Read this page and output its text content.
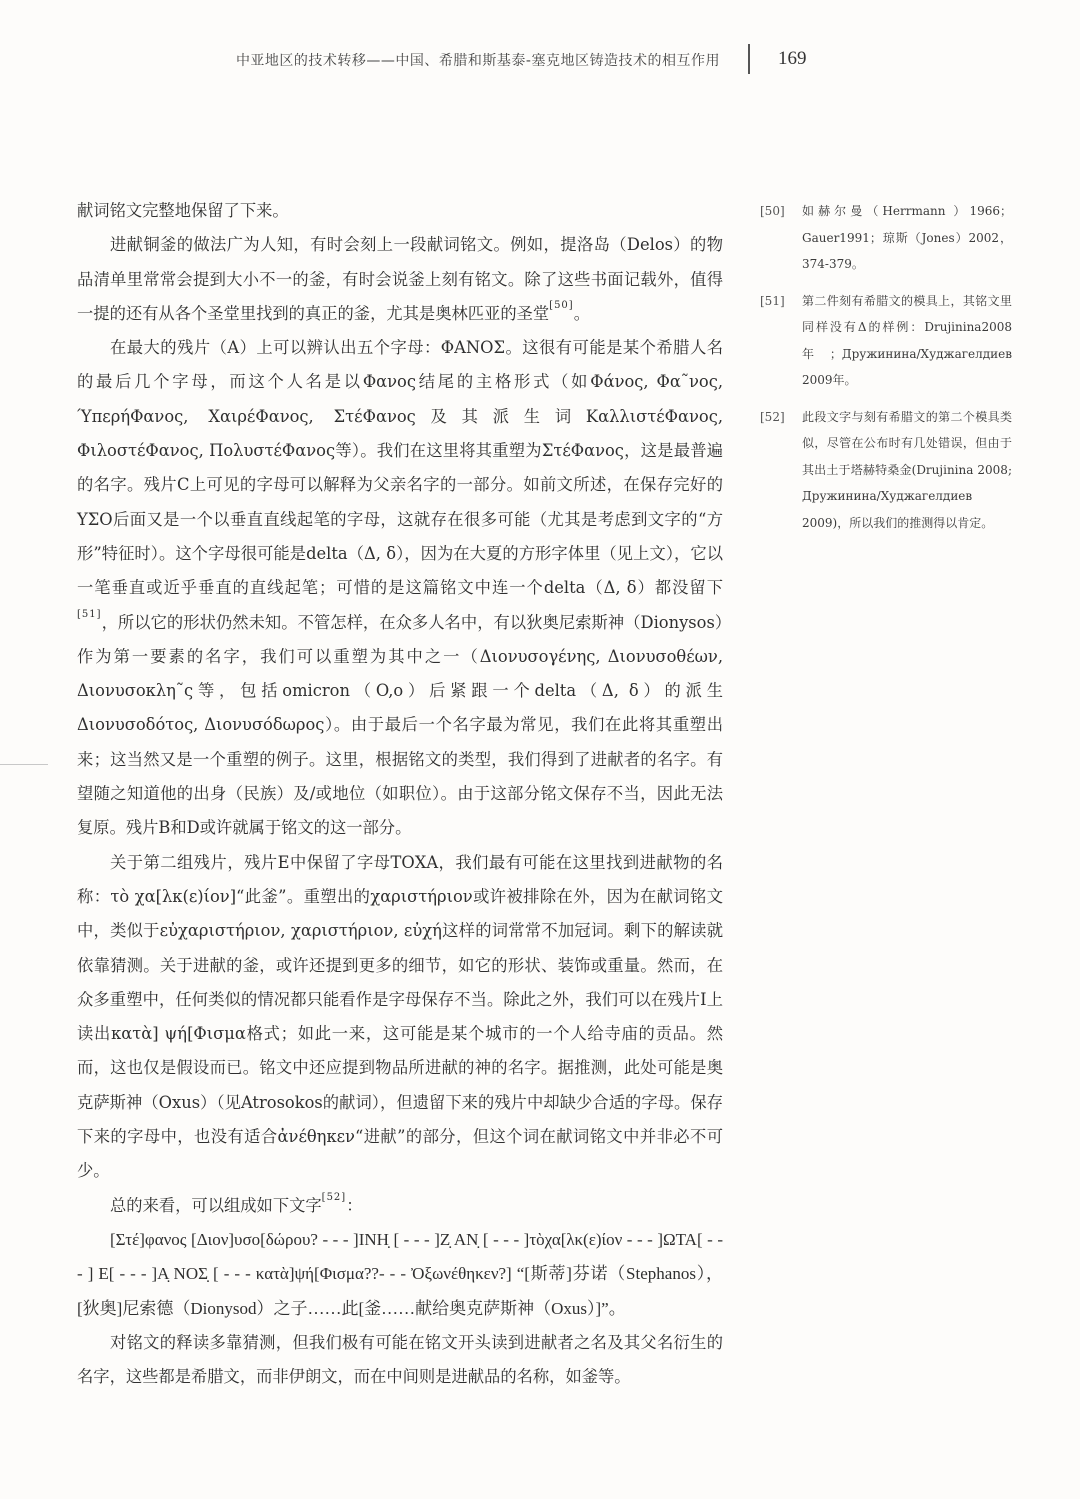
中亚地区的技术转移——中国、希腊和斯基泰-塞克地区铸造技术的相互作用	169

献词铭文完整地保留了下来。

进献铜釜的做法广为人知，有时会刻上一段献词铭文。例如，提洛岛（Delos）的物品清单里常常会提到大小不一的釜，有时会说釜上刻有铭文。除了这些书面记载外，值得一提的还有从各个圣堂里找到的真正的釜，尤其是奥林匹亚的圣堂[50]。

在最大的残片（A）上可以辨认出五个字母：ΦΑΝΟΣ。这很有可能是某个希腊人名的最后几个字母，而这个人名是以Φανος结尾的主格形式（如Φάνος, Φα˜νος, ΎπερήΦανος, ΧαιρέΦανος, ΣτέΦανος及其派生词ΚαλλιστέΦανος, ΦιλοστέΦανος, ΠολυστέΦανος等）。我们在这里将其重塑为ΣτέΦανος，这是最普遍的名字。残片C上可见的字母可以解释为父亲名字的一部分。如前文所述，在保存完好的ΥΣΟ后面又是一个以垂直直线起笔的字母，这就存在很多可能（尤其是考虑到文字的“方形”特征时）。这个字母很可能是delta（Δ, δ），因为在大夏的方形字体里（见上文），它以一笔垂直或近乎垂直的直线起笔；可惜的是这篇铭文中连一个delta（Δ, δ）都没留下[51]，所以它的形状仍然未知。不管怎样，在众多人名中，有以狄奥尼索斯神（Dionysos）作为第一要素的名字，我们可以重塑为其中之一（Διονυσογένης, Διονυσοθέων, Διονυσοκλη˜ς等，包括omicron（O,o）后紧跟一个delta（Δ, δ）的派生Διονυσοδότος, Διονυσόδωρος）。由于最后一个名字最为常见，我们在此将其重塑出来；这当然又是一个重塑的例子。这里，根据铭文的类型，我们得到了进献者的名字。有望随之知道他的出身（民族）及/或地位（如职位）。由于这部分铭文保存不当，因此无法复原。残片B和D或许就属于铭文的这一部分。

关于第二组残片，残片E中保留了字母ΤΟΧΑ，我们最有可能在这里找到进献物的名称：τὸ χα[λκ(ε)ίον]“此釜”。重塑出的χαριστήριον或许被排除在外，因为在献词铭文中，类似于εὐχαριστήριον, χαριστήριον, εὐχή这样的词常常不加冠词。剩下的解读就依靠猜测。关于进献的釜，或许还提到更多的细节，如它的形状、装饰或重量。然而，在众多重塑中，任何类似的情况都只能看作是字母保存不当。除此之外，我们可以在残片I上读出κατὰ] ψή[Φισμα格式；如此一来，这可能是某个城市的一个人给寺庙的贡品。然而，这也仅是假设而已。铭文中还应提到物品所进献的神的名字。据推测，此处可能是奥克萨斯神（Oxus）（见Atrosokos的献词），但遗留下来的残片中却缺少合适的字母。保存下来的字母中，也没有适合ἀνέθηκεν“进献”的部分，但这个词在献词铭文中并非必不可少。

总的来看，可以组成如下文字[52]：

[Στέ]φανος [Διον]υσο[δώρου? - - - ]ΙΝΗ̣ [ - - - ]Ζ̣ ΑΝ̣ [ - - - ]τὸχα[λκ(ε)ίον - - - ]ΩΤΑ[ - - - ] Ε[ - - - ]Α̣ ΝΟΣ̣ [ - - - κατὰ]ψή[Φισμα??- - - Ὀξωνέθηκεν?] “[斯蒂]芬诺（Stephanos），[狄奥]尼索德（Dionysod）之子……此[釜……献给奥克萨斯神（Oxus）]”。

对铭文的释读多靠猜测，但我们极有可能在铭文开头读到进献者之名及其父名衍生的名字，这些都是希腊文，而非伊朗文，而在中间则是进献品的名称，如釜等。

[50]	如赫尔曼（Herrmann ）1966；Gauer1991；琼斯（Jones）2002，374-379。
[51]	第二件刻有希腊文的模具上，其铭文里同样没有Δ的样例：Drujinina2008年；Дружинина/Худжагелдиев 2009年。
[52]	此段文字与刻有希腊文的第二个模具类似，尽管在公布时有几处错误，但由于其出土于塔赫特桑金(Drujinina 2008; Дружинина/Худжагелдиев 2009)，所以我们的推测得以肯定。
